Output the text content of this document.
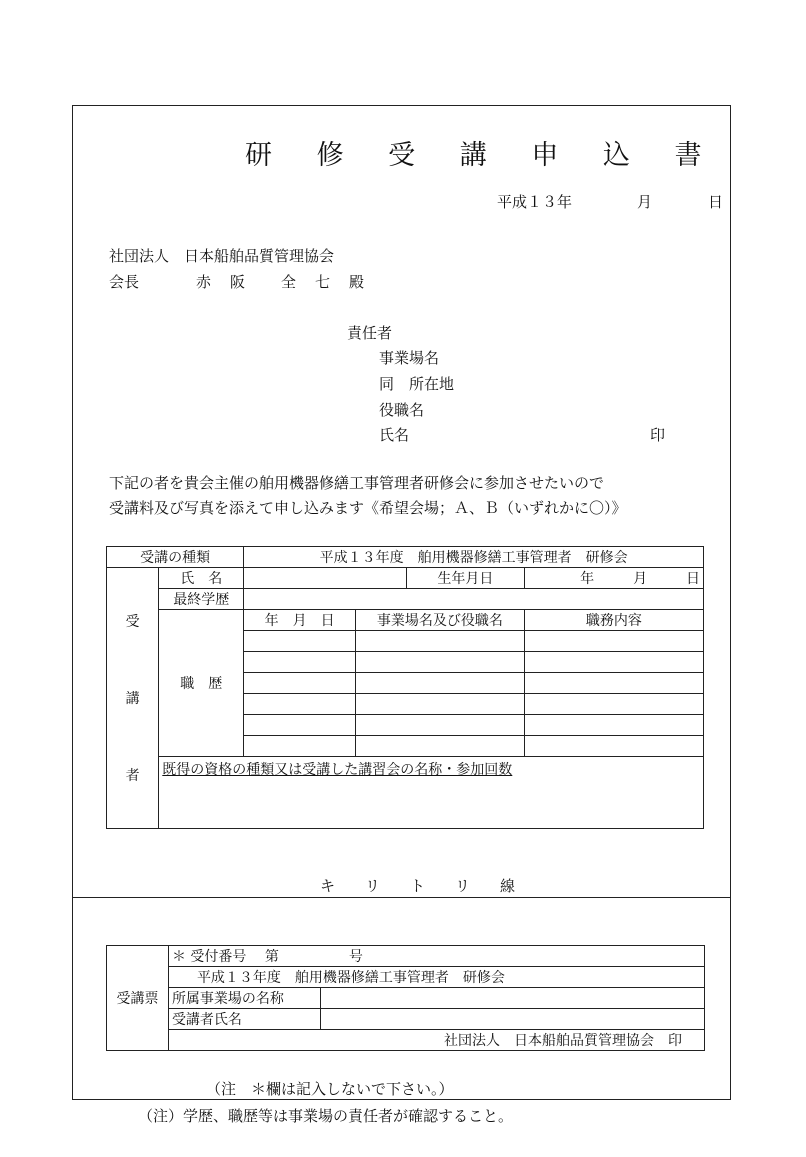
研 修 受 講 申 込 書
平成１３年	月	日
社団法人　日本船舶品質管理協会
会長	赤　阪　　全　七　殿
責任者
事業場名
同　所在地
役職名
氏名	印
下記の者を貴会主催の舶用機器修繕工事管理者研修会に参加させたいので
受講料及び写真を添えて申し込みます《希望会場；Ａ、Ｂ（いずれかに〇）》
受講の種類		平成１３年度　舶用機器修繕工事管理者　研修会			

受
講
者	氏　名			生年月日	年 月 日
	最終学歴				
	職　歴	年　月　日	事業場名及び役職名		職務内容

	既得の資格の種類又は受講した講習会の名称・参加回数				
キ　　リ　　ト　　リ　　線
受講票	＊ 受付番号　 第　　　　　号	
	平成１３年度　舶用機器修繕工事管理者　研修会	
	所属事業場の名称	
	受講者氏名	
	社団法人　日本船舶品質管理協会　印	
（注　＊欄は記入しないで下さい。）
（注）学歴、職歴等は事業場の責任者が確認すること。
